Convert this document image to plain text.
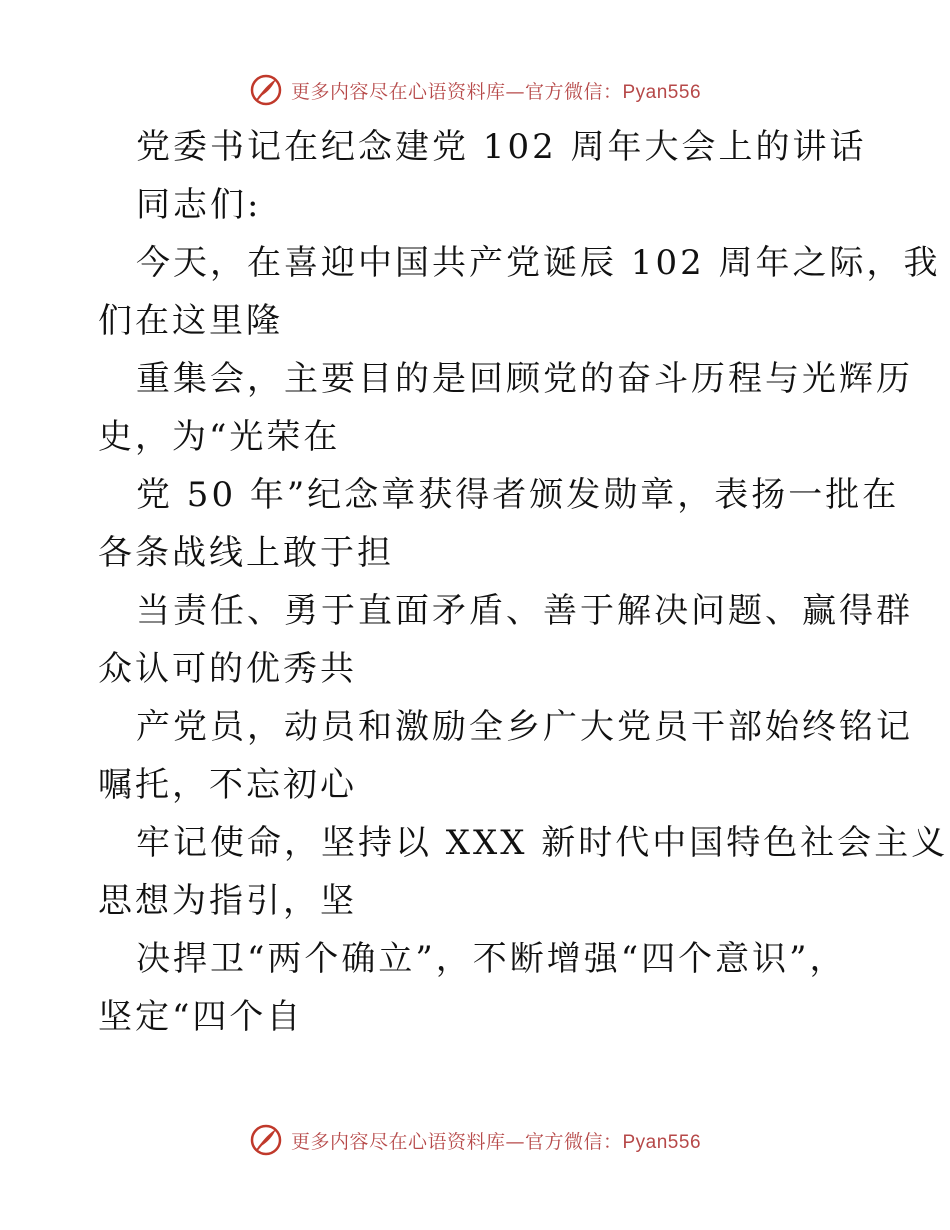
更多内容尽在心语资料库—官方微信：Pyan556
党委书记在纪念建党 102 周年大会上的讲话
同志们:
今天，在喜迎中国共产党诞辰 102 周年之际，我
们在这里隆
重集会，主要目的是回顾党的奋斗历程与光辉历
史，为“光荣在
党 50 年”纪念章获得者颁发勋章，表扬一批在
各条战线上敢于担
当责任、勇于直面矛盾、善于解决问题、赢得群
众认可的优秀共
产党员，动员和激励全乡广大党员干部始终铭记
嘱托，不忘初心
牢记使命，坚持以 XXX 新时代中国特色社会主义
思想为指引，坚
决捍卫“两个确立”，不断增强“四个意识”，
坚定“四个自
更多内容尽在心语资料库—官方微信：Pyan556
